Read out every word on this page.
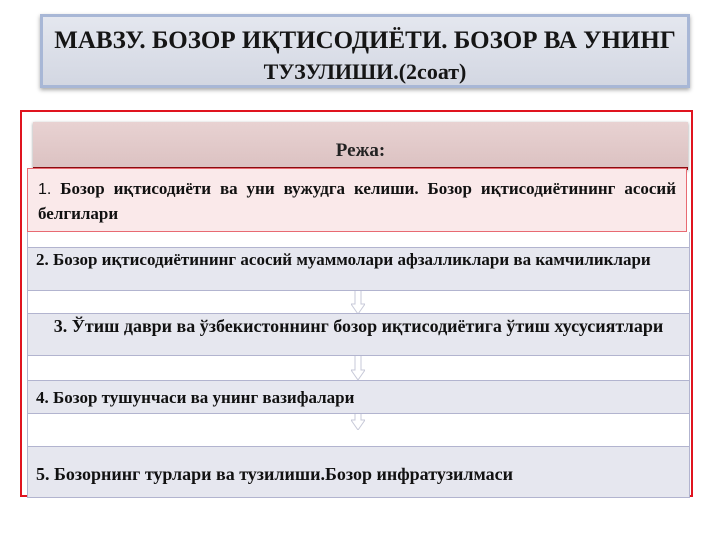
МАВЗУ. БОЗОР ИҚТИСОДИЁТИ. БОЗОР ВА УНИНГ
ТУЗУЛИШИ.(2соат)
Режа:
1. Бозор иқтисодиёти ва уни вужудга келиши. Бозор иқтисодиётининг асосий белгилари
2. Бозор иқтисодиётининг асосий муаммолари афзалликлари ва камчиликлари
3. Ўтиш даври ва ўзбекистоннинг бозор иқтисодиётига ўтиш хусусиятлари
4. Бозор тушунчаси ва унинг вазифалари
5. Бозорнинг турлари ва тузилиши.Бозор инфратузилмаси
